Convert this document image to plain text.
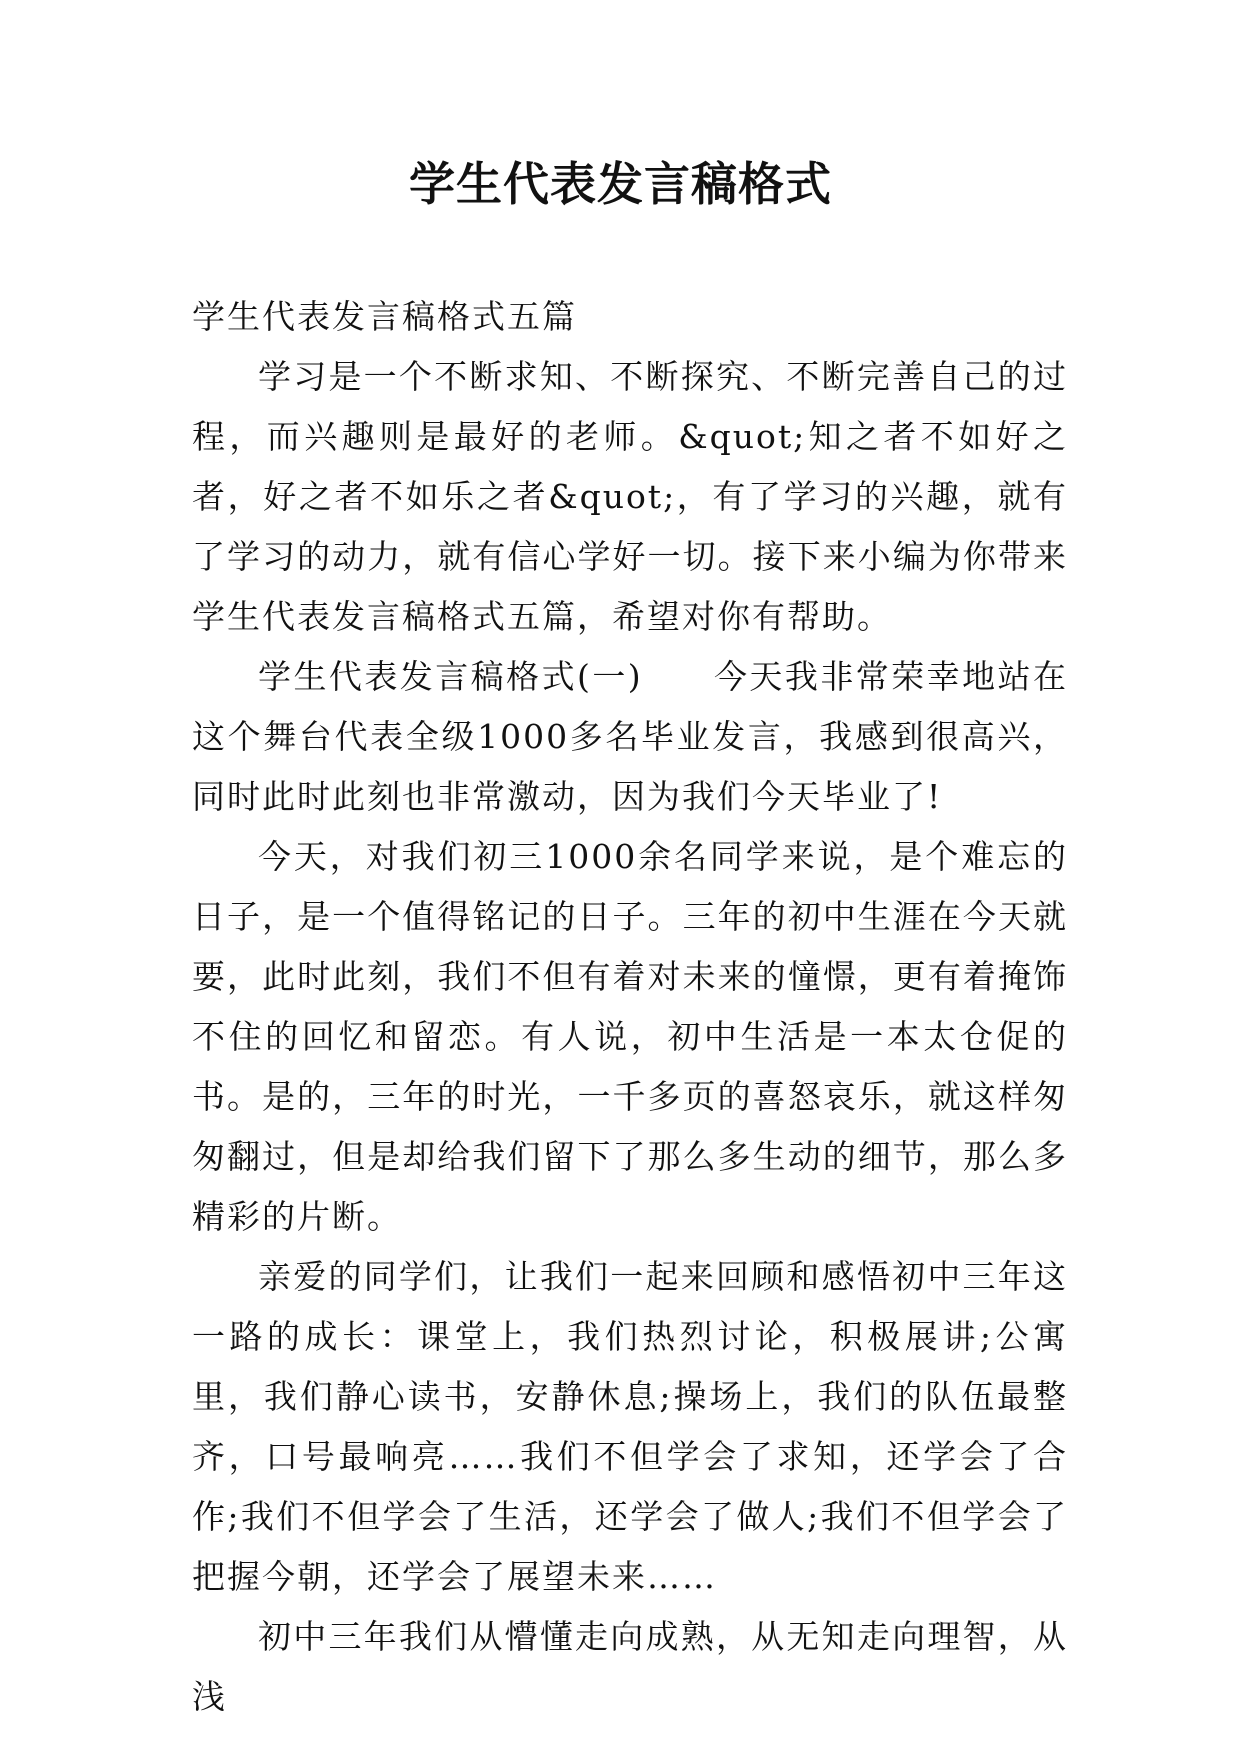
学生代表发言稿格式

学生代表发言稿格式五篇

学习是一个不断求知、不断探究、不断完善自己的过程，而兴趣则是最好的老师。&quot;知之者不如好之者，好之者不如乐之者&quot;，有了学习的兴趣，就有了学习的动力，就有信心学好一切。接下来小编为你带来学生代表发言稿格式五篇，希望对你有帮助。

学生代表发言稿格式(一)　　今天我非常荣幸地站在这个舞台代表全级1000多名毕业发言，我感到很高兴，同时此时此刻也非常激动，因为我们今天毕业了!

今天，对我们初三1000余名同学来说，是个难忘的日子，是一个值得铭记的日子。三年的初中生涯在今天就要，此时此刻，我们不但有着对未来的憧憬，更有着掩饰不住的回忆和留恋。有人说，初中生活是一本太仓促的书。是的，三年的时光，一千多页的喜怒哀乐，就这样匆匆翻过，但是却给我们留下了那么多生动的细节，那么多精彩的片断。

亲爱的同学们，让我们一起来回顾和感悟初中三年这一路的成长：课堂上，我们热烈讨论，积极展讲;公寓里，我们静心读书，安静休息;操场上，我们的队伍最整齐，口号最响亮……我们不但学会了求知，还学会了合作;我们不但学会了生活，还学会了做人;我们不但学会了把握今朝，还学会了展望未来……

初中三年我们从懵懂走向成熟，从无知走向理智，从浅
